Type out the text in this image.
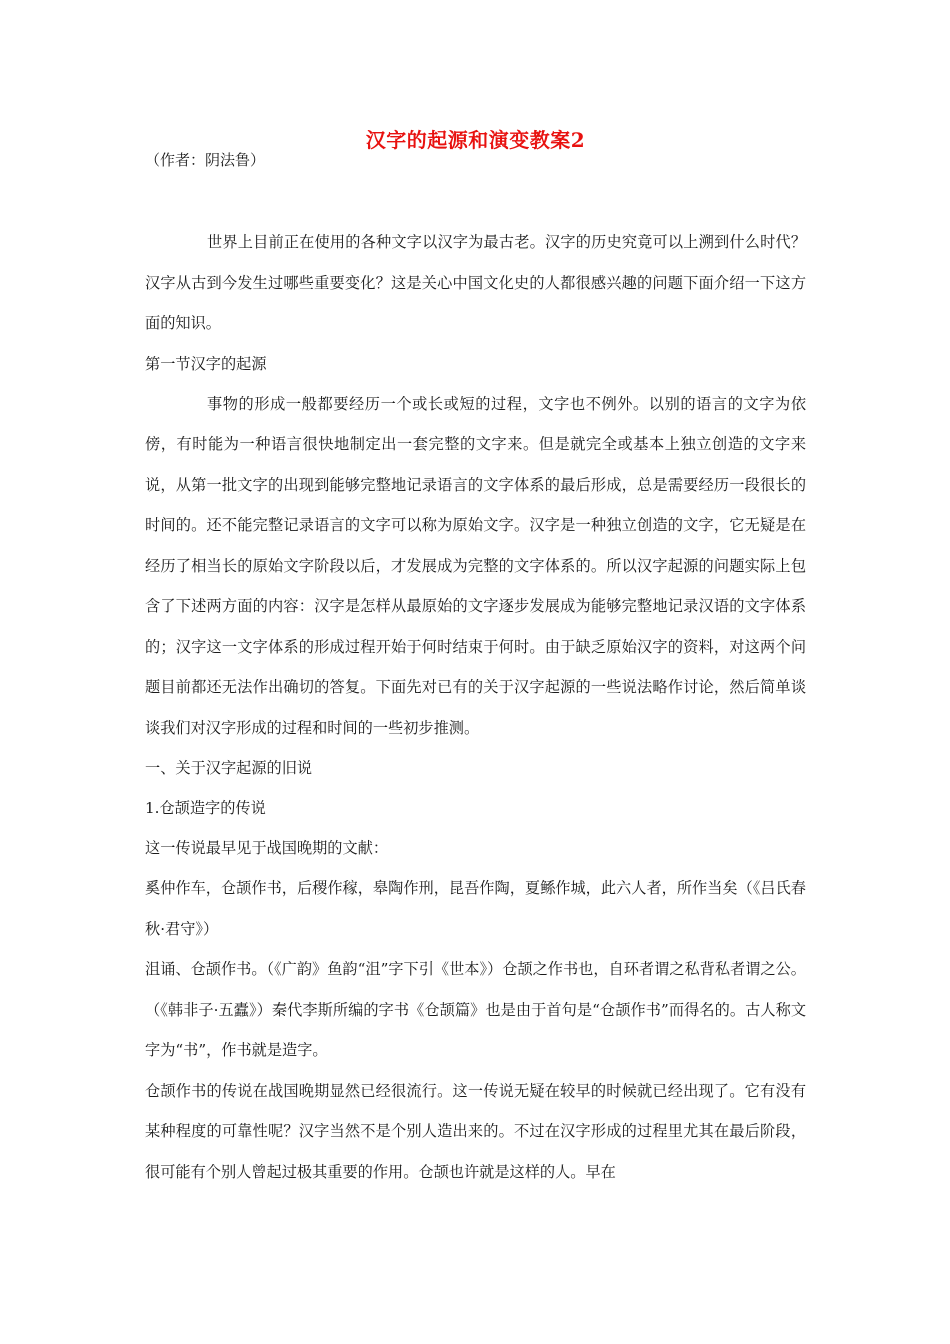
汉字的起源和演变教案2

（作者：阴法鲁）

世界上目前正在使用的各种文字以汉字为最古老。汉字的历史究竟可以上溯到什么时代？汉字从古到今发生过哪些重要变化？这是关心中国文化史的人都很感兴趣的问题下面介绍一下这方面的知识。

第一节汉字的起源

事物的形成一般都要经历一个或长或短的过程，文字也不例外。以别的语言的文字为依傍，有时能为一种语言很快地制定出一套完整的文字来。但是就完全或基本上独立创造的文字来说，从第一批文字的出现到能够完整地记录语言的文字体系的最后形成，总是需要经历一段很长的时间的。还不能完整记录语言的文字可以称为原始文字。汉字是一种独立创造的文字，它无疑是在经历了相当长的原始文字阶段以后，才发展成为完整的文字体系的。所以汉字起源的问题实际上包含了下述两方面的内容：汉字是怎样从最原始的文字逐步发展成为能够完整地记录汉语的文字体系的；汉字这一文字体系的形成过程开始于何时结束于何时。由于缺乏原始汉字的资料，对这两个问题目前都还无法作出确切的答复。下面先对已有的关于汉字起源的一些说法略作讨论，然后简单谈谈我们对汉字形成的过程和时间的一些初步推测。

一、关于汉字起源的旧说

1.仓颉造字的传说

这一传说最早见于战国晚期的文献：

奚仲作车，仓颉作书，后稷作稼，皋陶作刑，昆吾作陶，夏鲧作城，此六人者，所作当矣（《吕氏春秋·君守》）

沮诵、仓颉作书。（《广韵》鱼韵“沮”字下引《世本》）仓颉之作书也，自环者谓之私背私者谓之公。（《韩非子·五蠹》）秦代李斯所编的字书《仓颉篇》也是由于首句是“仓颉作书”而得名的。古人称文字为“书”，作书就是造字。

仓颉作书的传说在战国晚期显然已经很流行。这一传说无疑在较早的时候就已经出现了。它有没有某种程度的可靠性呢？汉字当然不是个别人造出来的。不过在汉字形成的过程里尤其在最后阶段，很可能有个别人曾起过极其重要的作用。仓颉也许就是这样的人。早在
